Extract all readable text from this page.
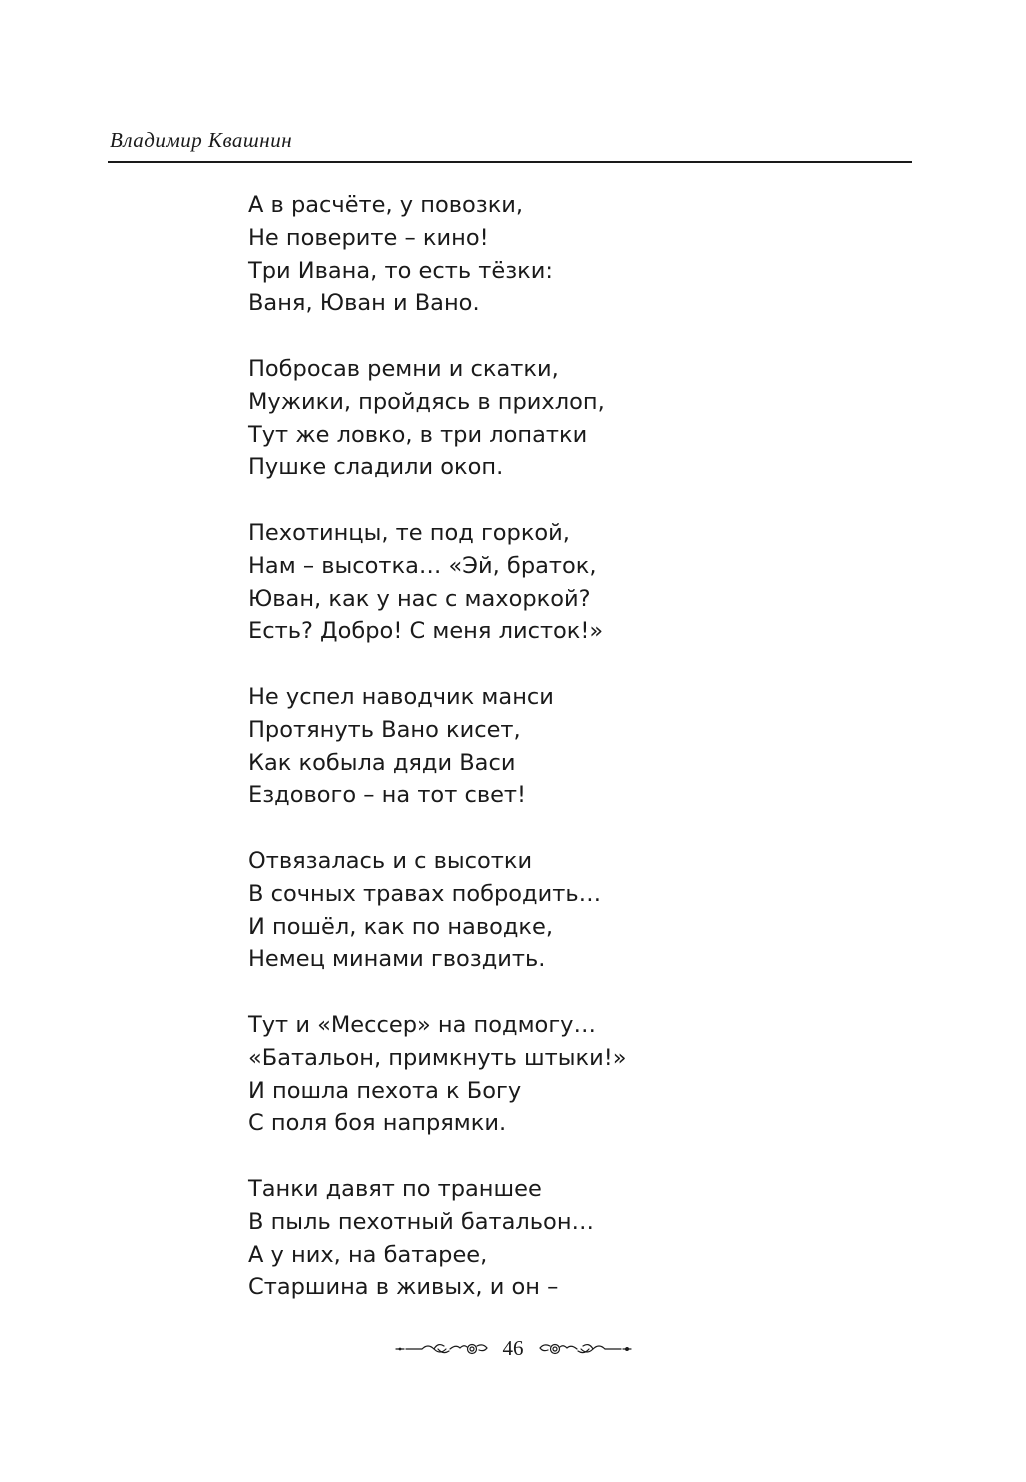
Владимир Квашнин
А в расчёте, у повозки,
Не поверите – кино!
Три Ивана, то есть тёзки:
Ваня, Юван и Вано.
Побросав ремни и скатки,
Мужики, пройдясь в прихлоп,
Тут же ловко, в три лопатки
Пушке сладили окоп.
Пехотинцы, те под горкой,
Нам – высотка… «Эй, браток,
Юван, как у нас с махоркой?
Есть? Добро! С меня листок!»
Не успел наводчик манси
Протянуть Вано кисет,
Как кобыла дяди Васи
Ездового – на тот свет!
Отвязалась и с высотки
В сочных травах побродить…
И пошёл, как по наводке,
Немец минами гвоздить.
Тут и «Мессер» на подмогу…
«Батальон, примкнуть штыки!»
И пошла пехота к Богу
С поля боя напрямки.
Танки давят по траншее
В пыль пехотный батальон…
А у них, на батарее,
Старшина в живых, и он –
46
